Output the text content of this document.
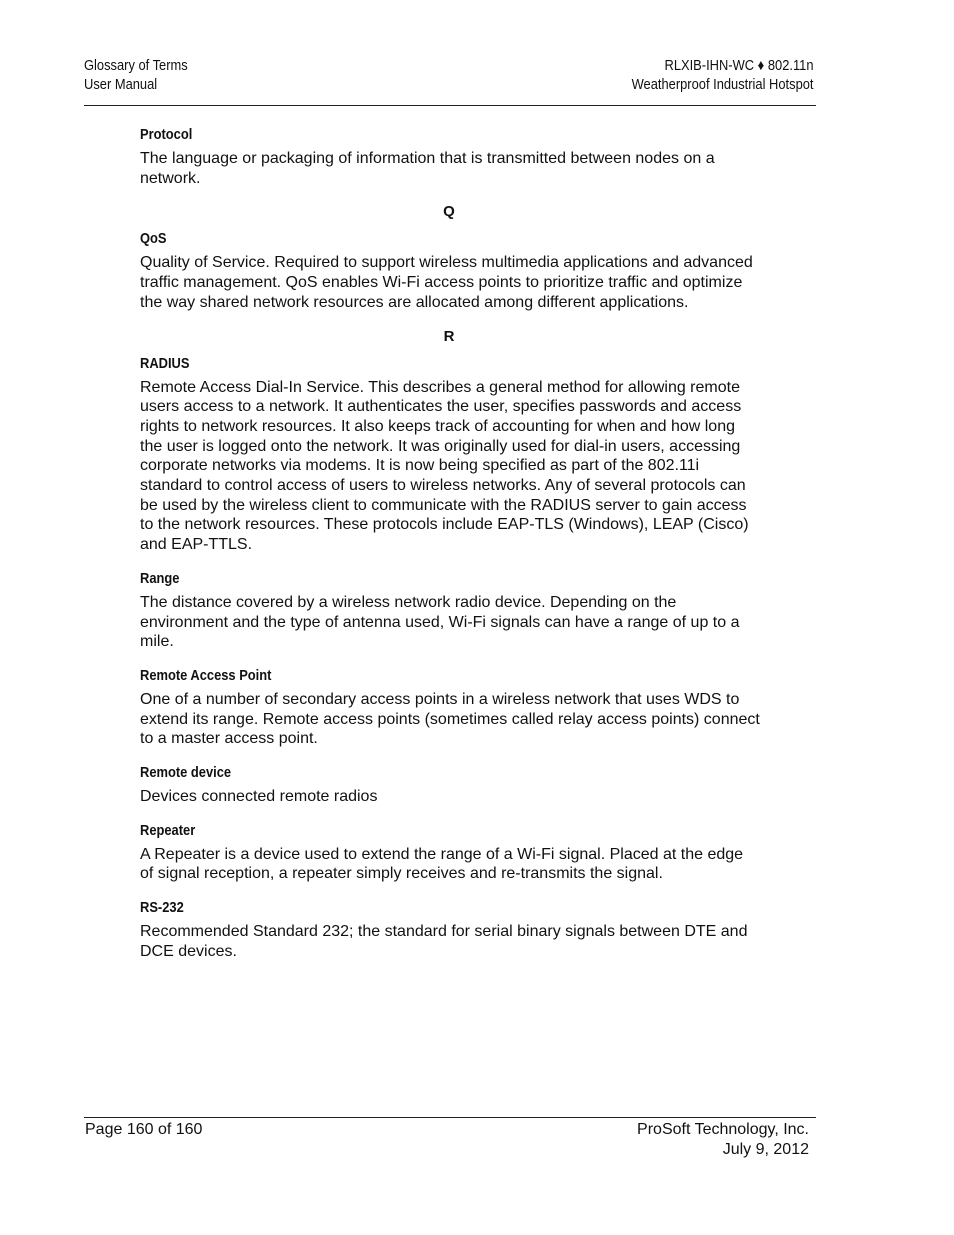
Glossary of Terms
User Manual
RLXIB-IHN-WC ♦ 802.11n
Weatherproof Industrial Hotspot

Protocol

The language or packaging of information that is transmitted between nodes on a network.

Q

QoS

Quality of Service. Required to support wireless multimedia applications and advanced traffic management. QoS enables Wi-Fi access points to prioritize traffic and optimize the way shared network resources are allocated among different applications.

R

RADIUS

Remote Access Dial-In Service. This describes a general method for allowing remote users access to a network. It authenticates the user, specifies passwords and access rights to network resources. It also keeps track of accounting for when and how long the user is logged onto the network. It was originally used for dial-in users, accessing corporate networks via modems. It is now being specified as part of the 802.11i standard to control access of users to wireless networks. Any of several protocols can be used by the wireless client to communicate with the RADIUS server to gain access to the network resources. These protocols include EAP-TLS (Windows), LEAP (Cisco) and EAP-TTLS.

Range

The distance covered by a wireless network radio device. Depending on the environment and the type of antenna used, Wi-Fi signals can have a range of up to a mile.

Remote Access Point

One of a number of secondary access points in a wireless network that uses WDS to extend its range. Remote access points (sometimes called relay access points) connect to a master access point.

Remote device

Devices connected remote radios

Repeater

A Repeater is a device used to extend the range of a Wi-Fi signal. Placed at the edge of signal reception, a repeater simply receives and re-transmits the signal.

RS-232

Recommended Standard 232; the standard for serial binary signals between DTE and DCE devices.

Page 160 of 160	ProSoft Technology, Inc.
July 9, 2012
